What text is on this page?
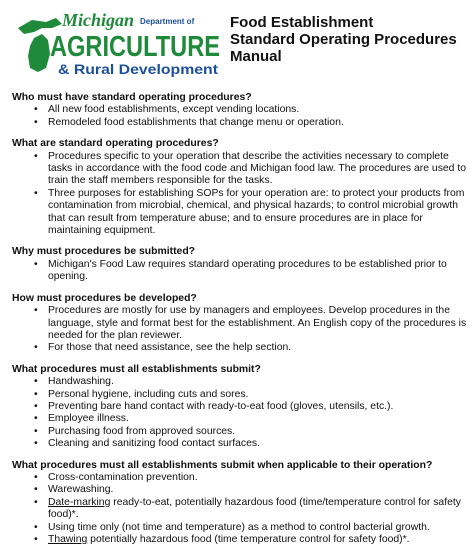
Michigan Department of
AGRICULTURE
& Rural Development
Food Establishment
Standard Operating Procedures
Manual

Who must have standard operating procedures?

• All new food establishments, except vending locations.
• Remodeled food establishments that change menu or operation.

What are standard operating procedures?

• Procedures specific to your operation that describe the activities necessary to complete tasks in accordance with the food code and Michigan food law. The procedures are used to train the staff members responsible for the tasks.
• Three purposes for establishing SOPs for your operation are: to protect your products from contamination from microbial, chemical, and physical hazards; to control microbial growth that can result from temperature abuse; and to ensure procedures are in place for maintaining equipment.

Why must procedures be submitted?

• Michigan's Food Law requires standard operating procedures to be established prior to opening.

How must procedures be developed?

• Procedures are mostly for use by managers and employees. Develop procedures in the language, style and format best for the establishment. An English copy of the procedures is needed for the plan reviewer.
• For those that need assistance, see the help section.

What procedures must all establishments submit?

• Handwashing.
• Personal hygiene, including cuts and sores.
• Preventing bare hand contact with ready-to-eat food (gloves, utensils, etc.).
• Employee illness.
• Purchasing food from approved sources.
• Cleaning and sanitizing food contact surfaces.

What procedures must all establishments submit when applicable to their operation?

• Cross-contamination prevention.
• Warewashing.
• Date-marking ready-to-eat, potentially hazardous food (time/temperature control for safety food)*.
• Using time only (not time and temperature) as a method to control bacterial growth.
• Thawing potentially hazardous food (time temperature control for safety food)*.
